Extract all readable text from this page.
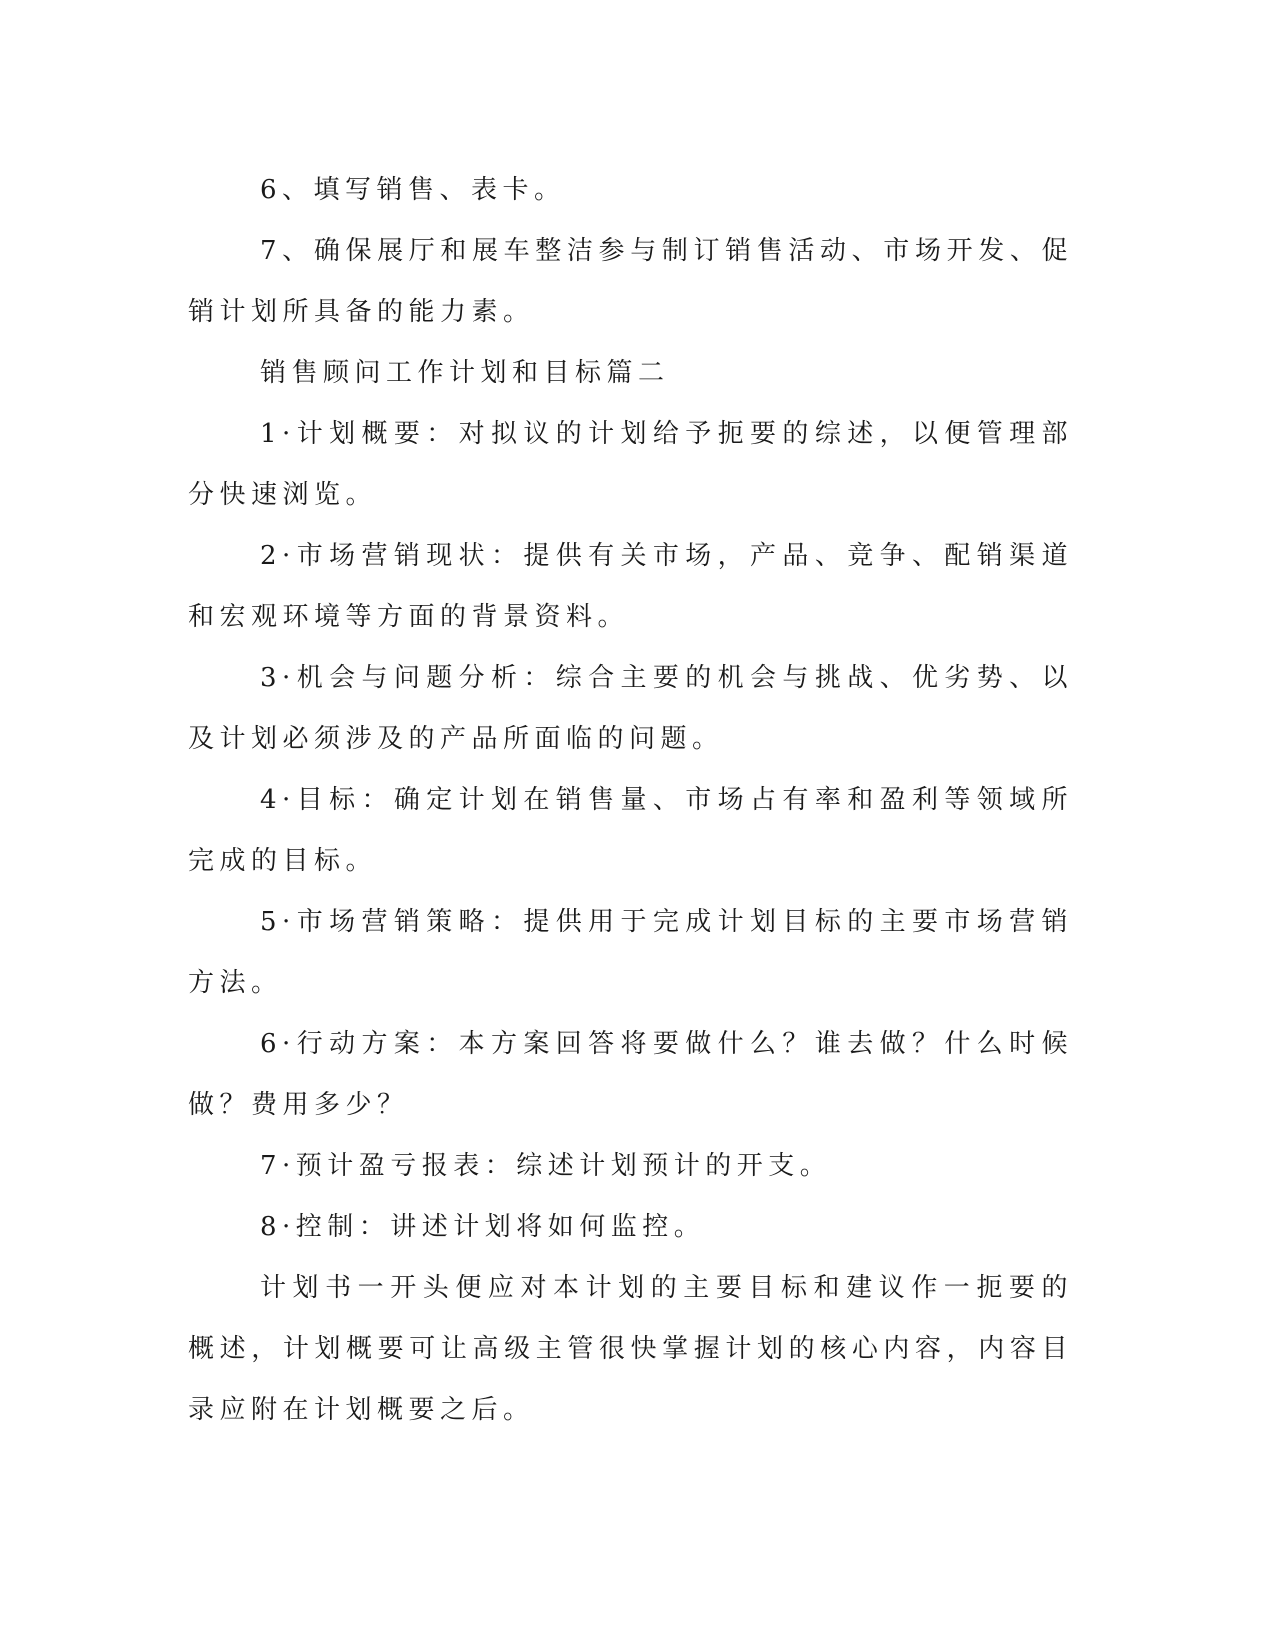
6、填写销售、表卡。

7、确保展厅和展车整洁参与制订销售活动、市场开发、促销计划所具备的能力素。

销售顾问工作计划和目标篇二

1·计划概要：对拟议的计划给予扼要的综述，以便管理部分快速浏览。

2·市场营销现状：提供有关市场，产品、竞争、配销渠道和宏观环境等方面的背景资料。

3·机会与问题分析：综合主要的机会与挑战、优劣势、以及计划必须涉及的产品所面临的问题。

4·目标：确定计划在销售量、市场占有率和盈利等领域所完成的目标。

5·市场营销策略：提供用于完成计划目标的主要市场营销方法。

6·行动方案：本方案回答将要做什么？谁去做？什么时候做？费用多少？

7·预计盈亏报表：综述计划预计的开支。

8·控制：讲述计划将如何监控。

计划书一开头便应对本计划的主要目标和建议作一扼要的概述，计划概要可让高级主管很快掌握计划的核心内容，内容目录应附在计划概要之后。
